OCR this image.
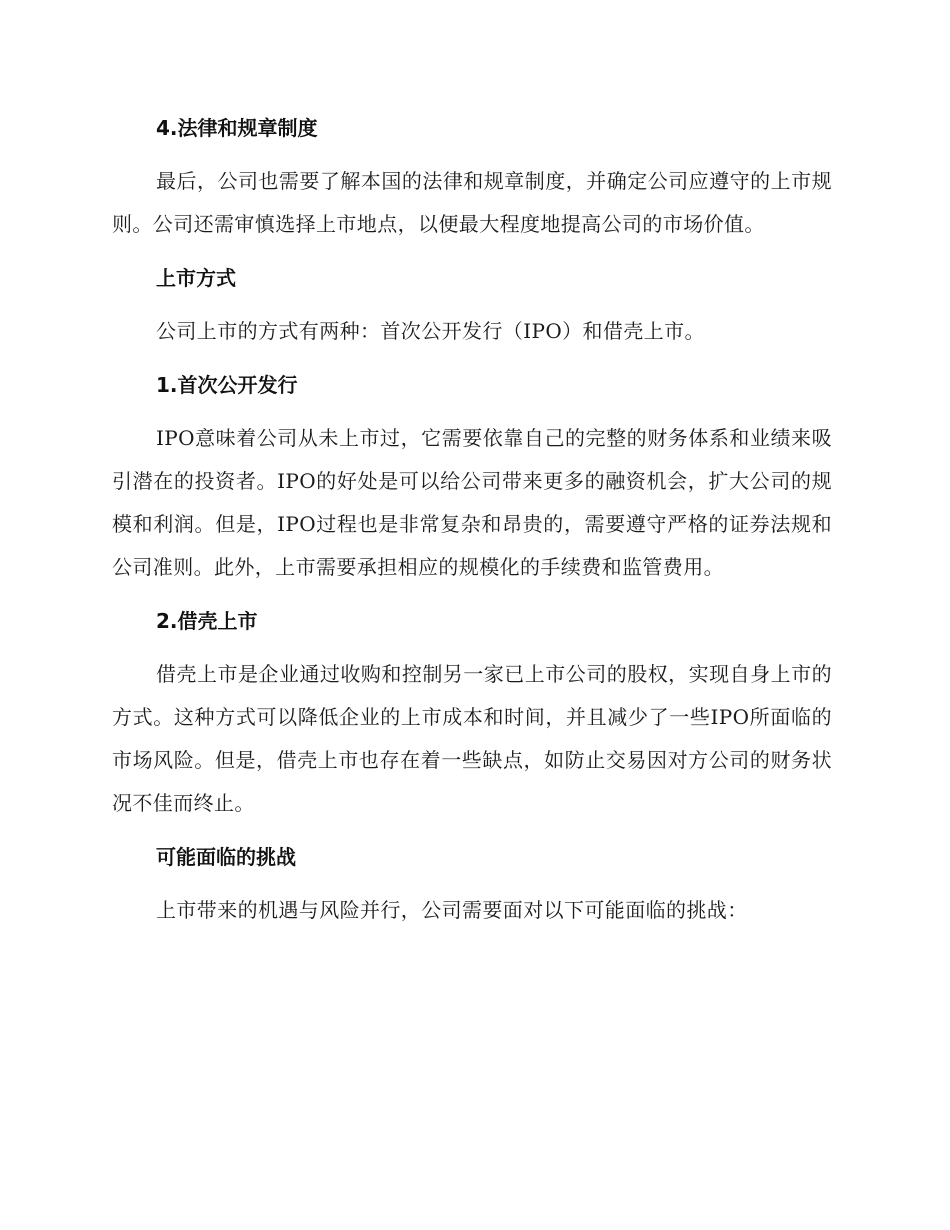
4.法律和规章制度

最后，公司也需要了解本国的法律和规章制度，并确定公司应遵守的上市规则。公司还需审慎选择上市地点，以便最大程度地提高公司的市场价值。

上市方式

公司上市的方式有两种：首次公开发行（IPO）和借壳上市。

1.首次公开发行

IPO意味着公司从未上市过，它需要依靠自己的完整的财务体系和业绩来吸引潜在的投资者。IPO的好处是可以给公司带来更多的融资机会，扩大公司的规模和利润。但是，IPO过程也是非常复杂和昂贵的，需要遵守严格的证券法规和公司准则。此外，上市需要承担相应的规模化的手续费和监管费用。

2.借壳上市

借壳上市是企业通过收购和控制另一家已上市公司的股权，实现自身上市的方式。这种方式可以降低企业的上市成本和时间，并且减少了一些IPO所面临的市场风险。但是，借壳上市也存在着一些缺点，如防止交易因对方公司的财务状况不佳而终止。

可能面临的挑战

上市带来的机遇与风险并行，公司需要面对以下可能面临的挑战：
